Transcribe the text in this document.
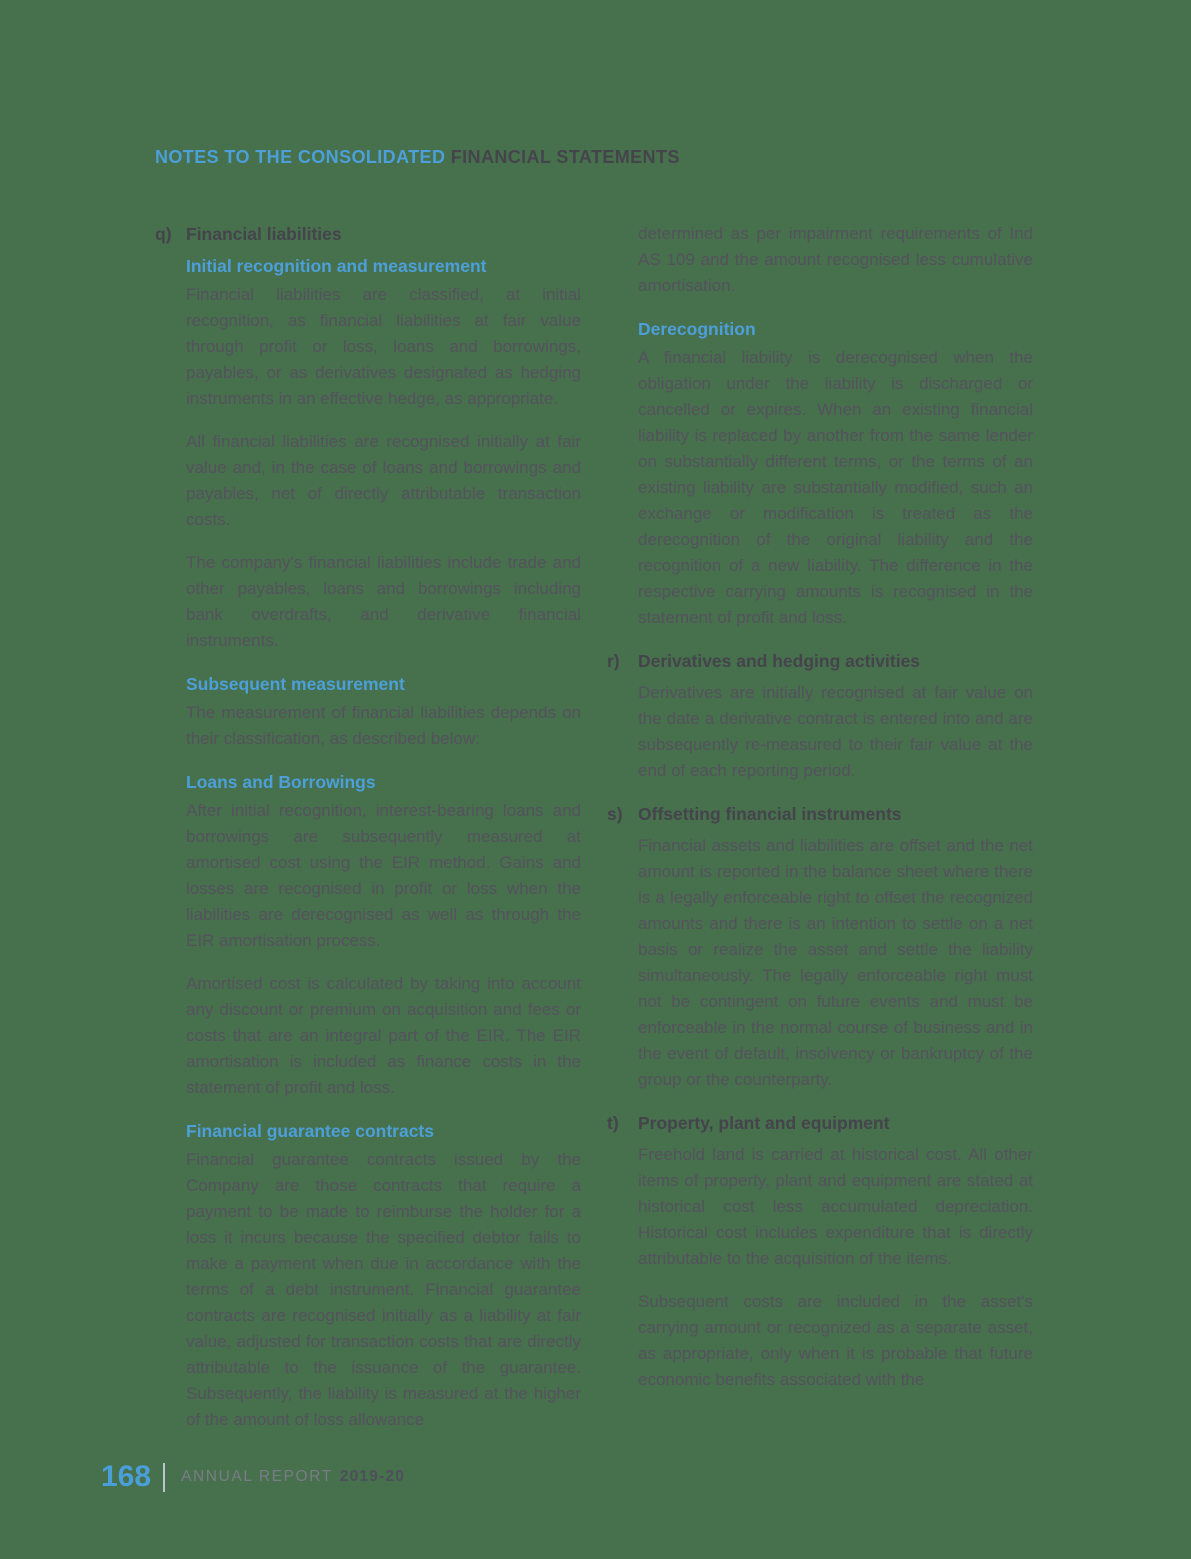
NOTES TO THE CONSOLIDATED FINANCIAL STATEMENTS
q) Financial liabilities
Initial recognition and measurement

Financial liabilities are classified, at initial recognition, as financial liabilities at fair value through profit or loss, loans and borrowings, payables, or as derivatives designated as hedging instruments in an effective hedge, as appropriate.

All financial liabilities are recognised initially at fair value and, in the case of loans and borrowings and payables, net of directly attributable transaction costs.

The company's financial liabilities include trade and other payables, loans and borrowings including bank overdrafts, and derivative financial instruments.

Subsequent measurement

The measurement of financial liabilities depends on their classification, as described below:

Loans and Borrowings

After initial recognition, interest-bearing loans and borrowings are subsequently measured at amortised cost using the EIR method. Gains and losses are recognised in profit or loss when the liabilities are derecognised as well as through the EIR amortisation process.

Amortised cost is calculated by taking into account any discount or premium on acquisition and fees or costs that are an integral part of the EIR. The EIR amortisation is included as finance costs in the statement of profit and loss.

Financial guarantee contracts

Financial guarantee contracts issued by the Company are those contracts that require a payment to be made to reimburse the holder for a loss it incurs because the specified debtor fails to make a payment when due in accordance with the terms of a debt instrument. Financial guarantee contracts are recognised initially as a liability at fair value, adjusted for transaction costs that are directly attributable to the issuance of the guarantee. Subsequently, the liability is measured at the higher of the amount of loss allowance

determined as per impairment requirements of Ind AS 109 and the amount recognised less cumulative amortisation.

Derecognition

A financial liability is derecognised when the obligation under the liability is discharged or cancelled or expires. When an existing financial liability is replaced by another from the same lender on substantially different terms, or the terms of an existing liability are substantially modified, such an exchange or modification is treated as the derecognition of the original liability and the recognition of a new liability. The difference in the respective carrying amounts is recognised in the statement of profit and loss.

r) Derivatives and hedging activities

Derivatives are initially recognised at fair value on the date a derivative contract is entered into and are subsequently re-measured to their fair value at the end of each reporting period.

s) Offsetting financial instruments

Financial assets and liabilities are offset and the net amount is reported in the balance sheet where there is a legally enforceable right to offset the recognized amounts and there is an intention to settle on a net basis or realize the asset and settle the liability simultaneously. The legally enforceable right must not be contingent on future events and must be enforceable in the normal course of business and in the event of default, insolvency or bankruptcy of the group or the counterparty.

t) Property, plant and equipment

Freehold land is carried at historical cost. All other items of property, plant and equipment are stated at historical cost less accumulated depreciation. Historical cost includes expenditure that is directly attributable to the acquisition of the items.

Subsequent costs are included in the asset's carrying amount or recognized as a separate asset, as appropriate, only when it is probable that future economic benefits associated with the

168 ANNUAL REPORT 2019-20
